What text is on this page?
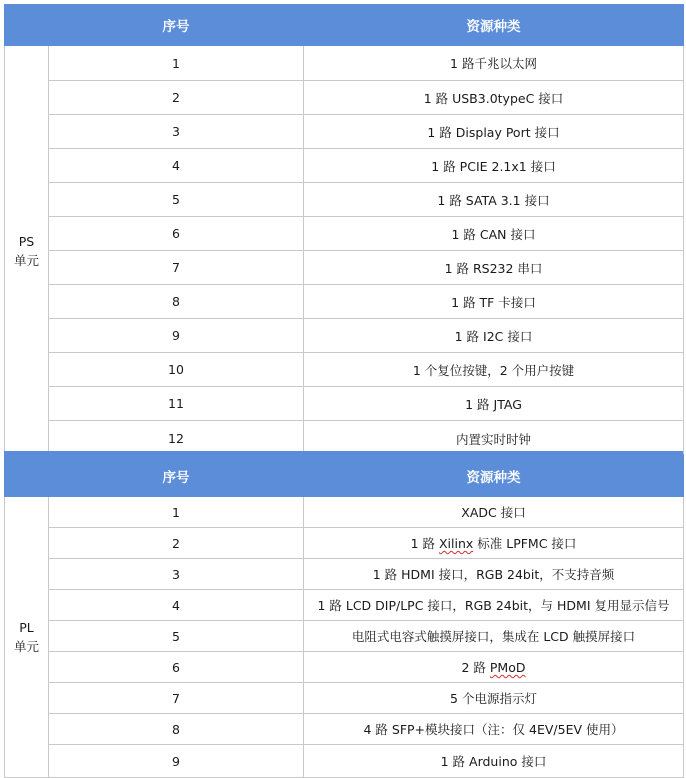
	序号	资源种类
PS
单元	1	1 路千兆以太网
	2	1 路 USB3.0typeC 接口
	3	1 路 Display Port 接口
	4	1 路 PCIE 2.1x1 接口
	5	1 路 SATA 3.1 接口
	6	1 路 CAN 接口
	7	1 路 RS232 串口
	8	1 路 TF 卡接口
	9	1 路 I2C 接口
	10	1 个复位按键，2 个用户按键
	11	1 路 JTAG
	12	内置实时时钟
	序号	资源种类
PL
单元	1	XADC 接口
	2	1 路 Xilinx 标准 LPFMC 接口
	3	1 路 HDMI 接口，RGB 24bit，不支持音频
	4	1 路 LCD DIP/LPC 接口，RGB 24bit，与 HDMI 复用显示信号
	5	电阻式电容式触摸屏接口，集成在 LCD 触摸屏接口
	6	2 路 PMoD
	7	5 个电源指示灯
	8	4 路 SFP+模块接口（注：仅 4EV/5EV 使用）
	9	1 路 Arduino 接口
